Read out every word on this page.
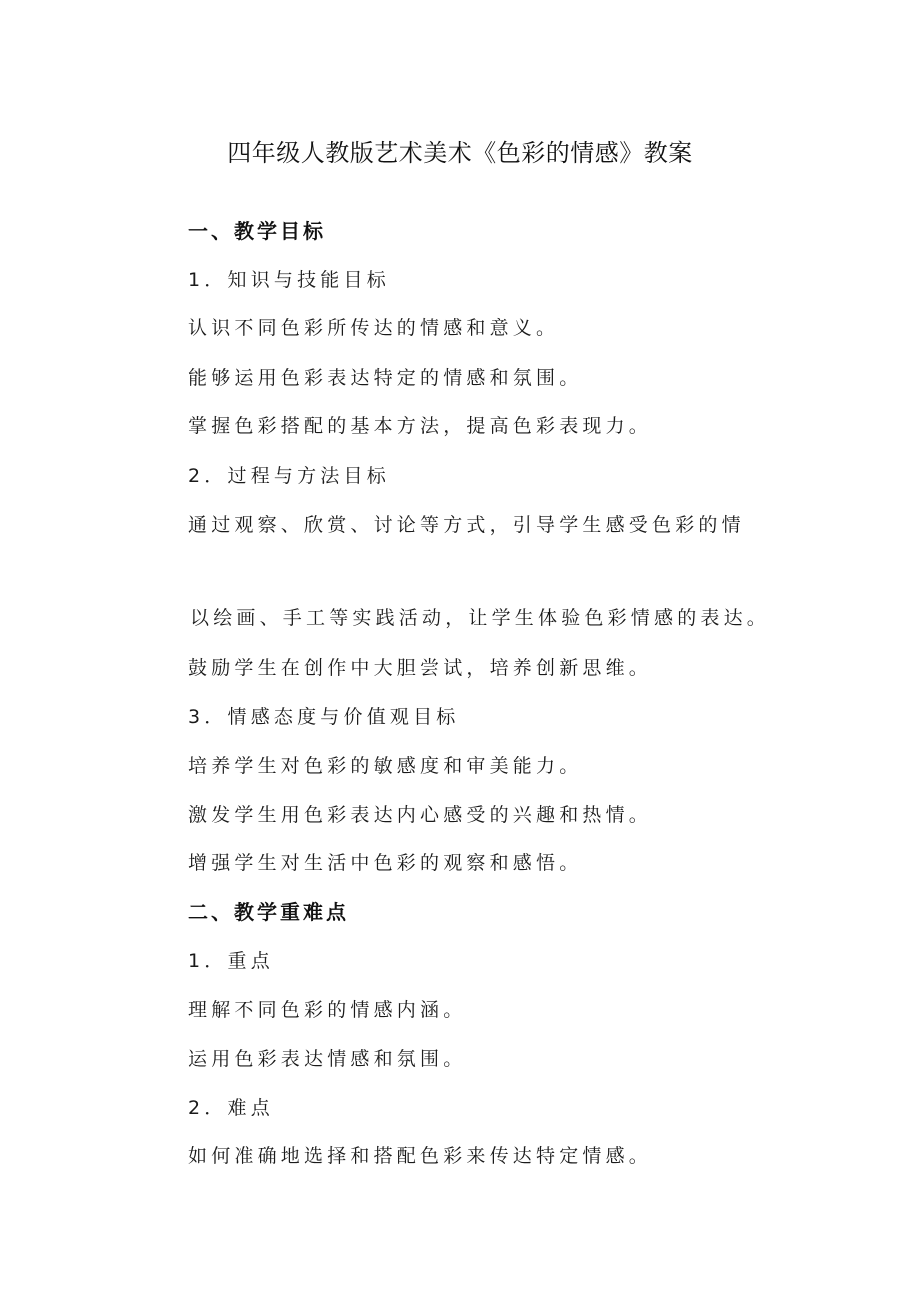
四年级人教版艺术美术《色彩的情感》教案
一、教学目标
1．知识与技能目标
认识不同色彩所传达的情感和意义。
能够运用色彩表达特定的情感和氛围。
掌握色彩搭配的基本方法，提高色彩表现力。
2．过程与方法目标
通过观察、欣赏、讨论等方式，引导学生感受色彩的情
以绘画、手工等实践活动，让学生体验色彩情感的表达。
鼓励学生在创作中大胆尝试，培养创新思维。
3．情感态度与价值观目标
培养学生对色彩的敏感度和审美能力。
激发学生用色彩表达内心感受的兴趣和热情。
增强学生对生活中色彩的观察和感悟。
二、教学重难点
1．重点
理解不同色彩的情感内涵。
运用色彩表达情感和氛围。
2．难点
如何准确地选择和搭配色彩来传达特定情感。
